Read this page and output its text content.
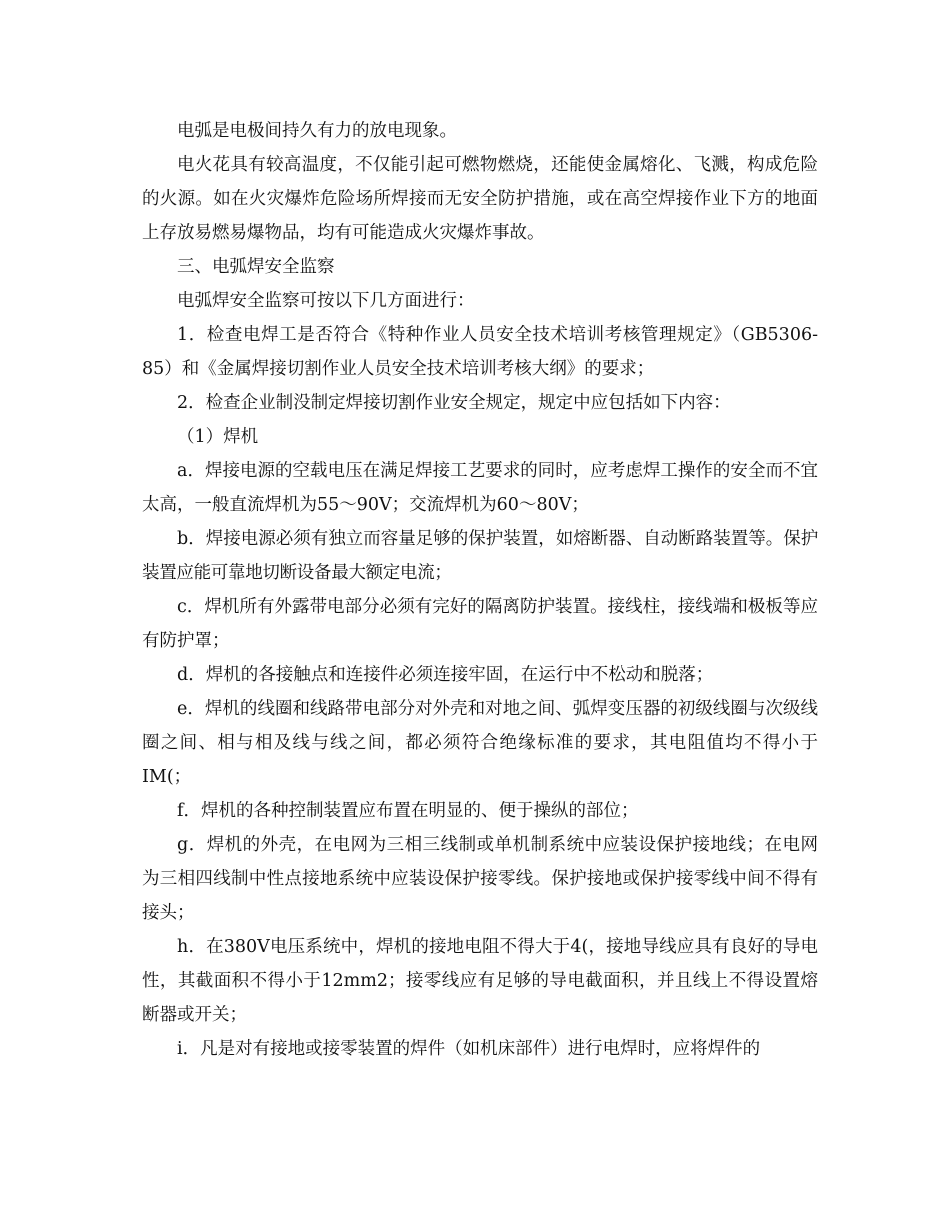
电弧是电极间持久有力的放电现象。

电火花具有较高温度，不仅能引起可燃物燃烧，还能使金属熔化、飞溅，构成危险的火源。如在火灾爆炸危险场所焊接而无安全防护措施，或在高空焊接作业下方的地面上存放易燃易爆物品，均有可能造成火灾爆炸事故。

三、电弧焊安全监察

电弧焊安全监察可按以下几方面进行：

1．检查电焊工是否符合《特种作业人员安全技术培训考核管理规定》（GB5306-85）和《金属焊接切割作业人员安全技术培训考核大纲》的要求；

2．检查企业制没制定焊接切割作业安全规定，规定中应包括如下内容：

（1）焊机

a．焊接电源的空载电压在满足焊接工艺要求的同时，应考虑焊工操作的安全而不宜太高，一般直流焊机为55～90V；交流焊机为60～80V；

b．焊接电源必须有独立而容量足够的保护装置，如熔断器、自动断路装置等。保护装置应能可靠地切断设备最大额定电流；

c．焊机所有外露带电部分必须有完好的隔离防护装置。接线柱，接线端和极板等应有防护罩；

d．焊机的各接触点和连接件必须连接牢固，在运行中不松动和脱落；

e．焊机的线圈和线路带电部分对外壳和对地之间、弧焊变压器的初级线圈与次级线圈之间、相与相及线与线之间，都必须符合绝缘标准的要求，其电阻值均不得小于IM(；

f．焊机的各种控制装置应布置在明显的、便于操纵的部位；

g．焊机的外壳，在电网为三相三线制或单机制系统中应装设保护接地线；在电网为三相四线制中性点接地系统中应装设保护接零线。保护接地或保护接零线中间不得有接头；

h．在380V电压系统中，焊机的接地电阻不得大于4(，接地导线应具有良好的导电性，其截面积不得小于12mm2；接零线应有足够的导电截面积，并且线上不得设置熔断器或开关；

i．凡是对有接地或接零装置的焊件（如机床部件）进行电焊时，应将焊件的
